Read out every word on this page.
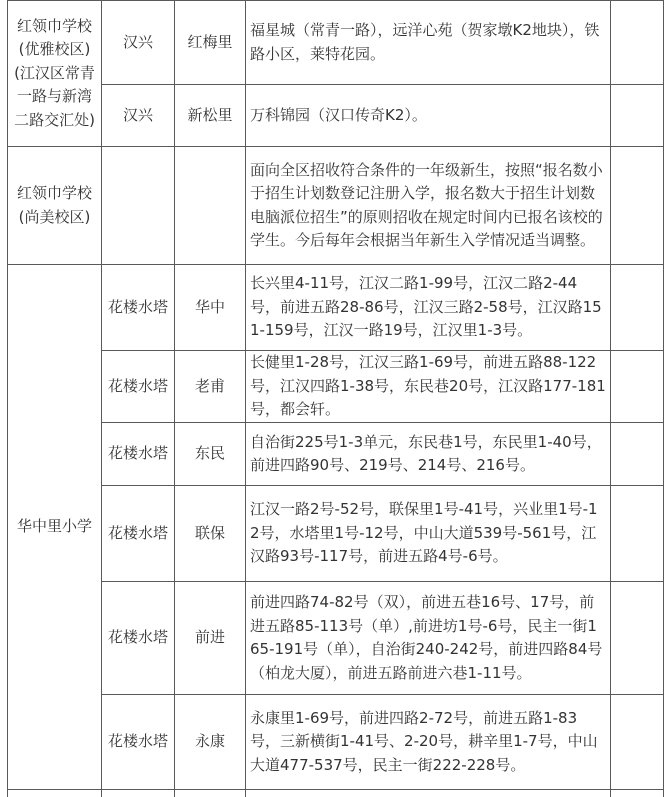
红领巾学校(优雅校区)(江汉区常青一路与新湾二路交汇处)	汉兴	红梅里	福星城（常青一路），远洋心苑（贺家墩K2地块），铁路小区，莱特花园。	
	汉兴	新松里	万科锦园（汉口传奇K2）。	
红领巾学校(尚美校区)			面向全区招收符合条件的一年级新生，按照“报名数小于招生计划数登记注册入学，报名数大于招生计划数电脑派位招生”的原则招收在规定时间内已报名该校的学生。今后每年会根据当年新生入学情况适当调整。	
华中里小学	花楼水塔	华中	长兴里4-11号，江汉二路1-99号，江汉二路2-44号，前进五路28-86号，江汉三路2-58号，江汉路151-159号，江汉一路19号，江汉里1-3号。	
	花楼水塔	老甫	长健里1-28号，江汉三路1-69号，前进五路88-122号，江汉四路1-38号，东民巷20号，江汉路177-181号，都会轩。	
	花楼水塔	东民	自治街225号1-3单元，东民巷1号，东民里1-40号，前进四路90号、219号、214号、216号。	
	花楼水塔	联保	江汉一路2号-52号，联保里1号-41号，兴业里1号-12号，水塔里1号-12号，中山大道539号-561号，江汉路93号-117号，前进五路4号-6号。	
	花楼水塔	前进	前进四路74-82号（双），前进五巷16号、17号，前进五路85-113号（单）,前进坊1号-6号，民主一街165-191号（单），自治街240-242号，前进四路84号（柏龙大厦），前进五路前进六巷1-11号。	
	花楼水塔	永康	永康里1-69号，前进四路2-72号，前进五路1-83号，三新横街1-41号、2-20号，耕辛里1-7号，中山大道477-537号，民主一街222-228号。	
